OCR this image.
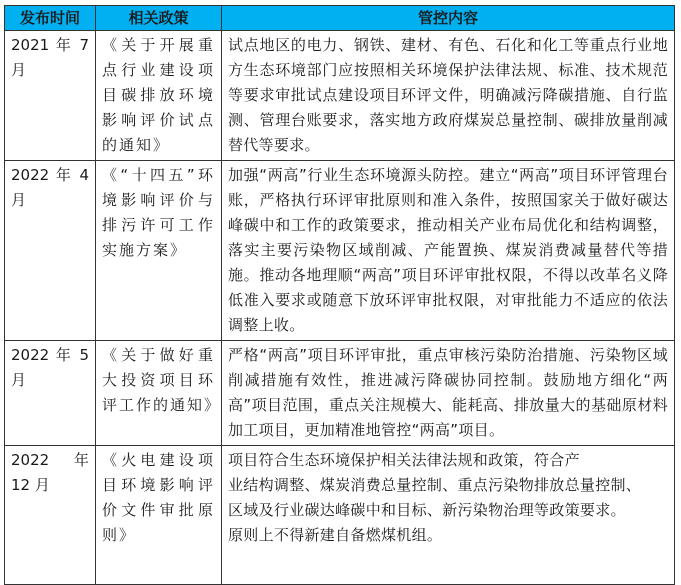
发布时间	相关政策	管控内容
2021 年 7 月	《关于开展重点行业建设项目碳排放环境影响评价试点的通知》	试点地区的电力、钢铁、建材、有色、石化和化工等重点行业地方生态环境部门应按照相关环境保护法律法规、标准、技术规范等要求审批试点建设项目环评文件，明确减污降碳措施、自行监测、管理台账要求，落实地方政府煤炭总量控制、碳排放量削减替代等要求。
2022 年 4 月	《“十四五”环境影响评价与排污许可工作实施方案》	加强“两高”行业生态环境源头防控。建立“两高”项目环评管理台账，严格执行环评审批原则和准入条件，按照国家关于做好碳达峰碳中和工作的政策要求，推动相关产业布局优化和结构调整，落实主要污染物区域削减、产能置换、煤炭消费减量替代等措施。推动各地理顺“两高”项目环评审批权限，不得以改革名义降低准入要求或随意下放环评审批权限，对审批能力不适应的依法调整上收。
2022 年 5 月	《关于做好重大投资项目环评工作的通知》	严格“两高”项目环评审批，重点审核污染防治措施、污染物区域削减措施有效性，推进减污降碳协同控制。鼓励地方细化“两高”项目范围，重点关注规模大、能耗高、排放量大的基础原材料加工项目，更加精准地管控“两高”项目。
2022 年 12 月	《火电建设项目环境影响评价文件审批原则》	项目符合生态环境保护相关法律法规和政策，符合产
业结构调整、煤炭消费总量控制、重点污染物排放总量控制、
区域及行业碳达峰碳中和目标、新污染物治理等政策要求。
原则上不得新建自备燃煤机组。
